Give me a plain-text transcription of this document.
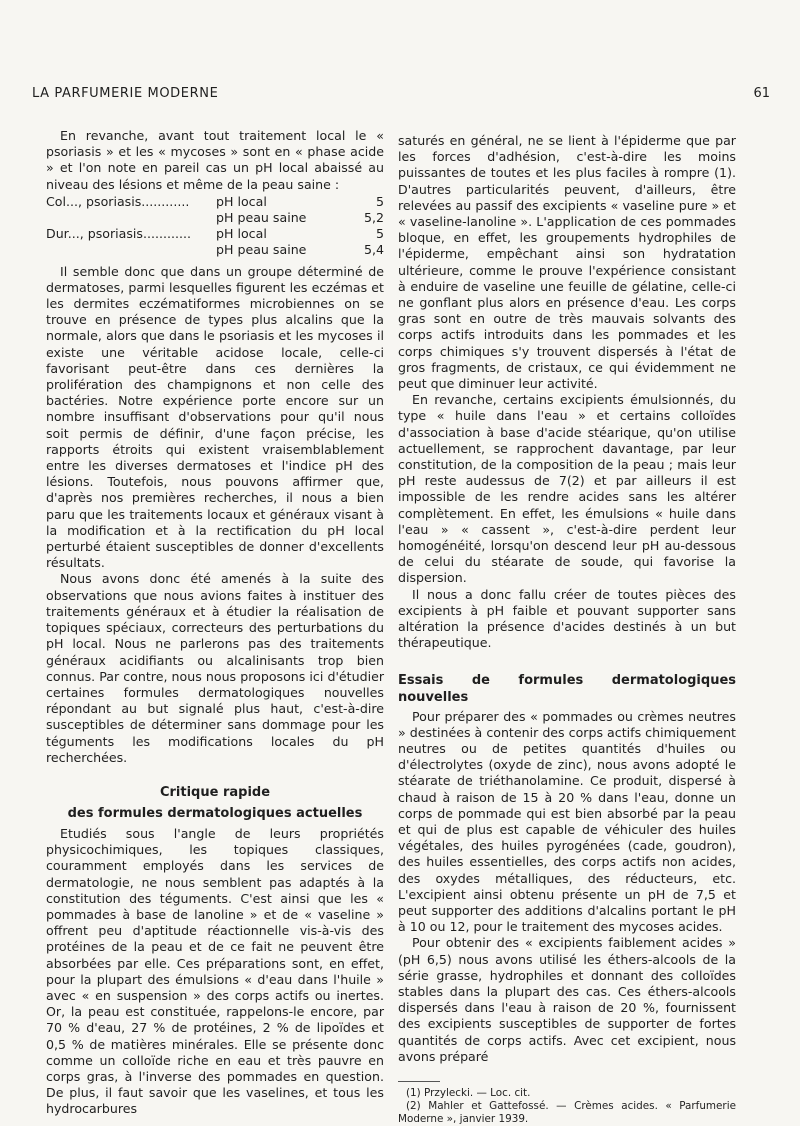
LA PARFUMERIE MODERNE	61

En revanche, avant tout traitement local le « psoriasis » et les « mycoses » sont en « phase acide » et l'on note en pareil cas un pH local abaissé au niveau des lésions et même de la peau saine :

Col..., psoriasis............	pH local	5
	pH peau saine	5,2
Dur..., psoriasis............	pH local	5
	pH peau saine	5,4

Il semble donc que dans un groupe déterminé de dermatoses, parmi lesquelles figurent les eczémas et les dermites eczématiformes microbiennes on se trouve en présence de types plus alcalins que la normale, alors que dans le psoriasis et les mycoses il existe une véritable acidose locale, celle-ci favorisant peut-être dans ces dernières la prolifération des champignons et non celle des bactéries. Notre expérience porte encore sur un nombre insuffisant d'observations pour qu'il nous soit permis de définir, d'une façon précise, les rapports étroits qui existent vraisemblablement entre les diverses dermatoses et l'indice pH des lésions. Toutefois, nous pouvons affirmer que, d'après nos premières recherches, il nous a bien paru que les traitements locaux et généraux visant à la modification et à la rectification du pH local perturbé étaient susceptibles de donner d'excellents résultats.

Nous avons donc été amenés à la suite des observations que nous avions faites à instituer des traitements généraux et à étudier la réalisation de topiques spéciaux, correcteurs des perturbations du pH local. Nous ne parlerons pas des traitements généraux acidifiants ou alcalinisants trop bien connus. Par contre, nous nous proposons ici d'étudier certaines formules dermatologiques nouvelles répondant au but signalé plus haut, c'est-à-dire susceptibles de déterminer sans dommage pour les téguments les modifications locales du pH recherchées.

Critique rapide
des formules dermatologiques actuelles

Etudiés sous l'angle de leurs propriétés physicochimiques, les topiques classiques, couramment employés dans les services de dermatologie, ne nous semblent pas adaptés à la constitution des téguments. C'est ainsi que les « pommades à base de lanoline » et de « vaseline » offrent peu d'aptitude réactionnelle vis-à-vis des protéines de la peau et de ce fait ne peuvent être absorbées par elle. Ces préparations sont, en effet, pour la plupart des émulsions « d'eau dans l'huile » avec « en suspension » des corps actifs ou inertes. Or, la peau est constituée, rappelons-le encore, par 70 % d'eau, 27 % de protéines, 2 % de lipoïdes et 0,5 % de matières minérales. Elle se présente donc comme un colloïde riche en eau et très pauvre en corps gras, à l'inverse des pommades en question. De plus, il faut savoir que les vaselines, et tous les hydrocarbures

saturés en général, ne se lient à l'épiderme que par les forces d'adhésion, c'est-à-dire les moins puissantes de toutes et les plus faciles à rompre (1). D'autres particularités peuvent, d'ailleurs, être relevées au passif des excipients « vaseline pure » et « vaseline-lanoline ». L'application de ces pommades bloque, en effet, les groupements hydrophiles de l'épiderme, empêchant ainsi son hydratation ultérieure, comme le prouve l'expérience consistant à enduire de vaseline une feuille de gélatine, celle-ci ne gonflant plus alors en présence d'eau. Les corps gras sont en outre de très mauvais solvants des corps actifs introduits dans les pommades et les corps chimiques s'y trouvent dispersés à l'état de gros fragments, de cristaux, ce qui évidemment ne peut que diminuer leur activité.

En revanche, certains excipients émulsionnés, du type « huile dans l'eau » et certains colloïdes d'association à base d'acide stéarique, qu'on utilise actuellement, se rapprochent davantage, par leur constitution, de la composition de la peau ; mais leur pH reste audessus de 7(2) et par ailleurs il est impossible de les rendre acides sans les altérer complètement. En effet, les émulsions « huile dans l'eau » « cassent », c'est-à-dire perdent leur homogénéité, lorsqu'on descend leur pH au-dessous de celui du stéarate de soude, qui favorise la dispersion.

Il nous a donc fallu créer de toutes pièces des excipients à pH faible et pouvant supporter sans altération la présence d'acides destinés à un but thérapeutique.

Essais de formules dermatologiques nouvelles

Pour préparer des « pommades ou crèmes neutres » destinées à contenir des corps actifs chimiquement neutres ou de petites quantités d'huiles ou d'électrolytes (oxyde de zinc), nous avons adopté le stéarate de triéthanolamine. Ce produit, dispersé à chaud à raison de 15 à 20 % dans l'eau, donne un corps de pommade qui est bien absorbé par la peau et qui de plus est capable de véhiculer des huiles végétales, des huiles pyrogénées (cade, goudron), des huiles essentielles, des corps actifs non acides, des oxydes métalliques, des réducteurs, etc. L'excipient ainsi obtenu présente un pH de 7,5 et peut supporter des additions d'alcalins portant le pH à 10 ou 12, pour le traitement des mycoses acides.

Pour obtenir des « excipients faiblement acides » (pH 6,5) nous avons utilisé les éthers-alcools de la série grasse, hydrophiles et donnant des colloïdes stables dans la plupart des cas. Ces éthers-alcools dispersés dans l'eau à raison de 20 %, fournissent des excipients susceptibles de supporter de fortes quantités de corps actifs. Avec cet excipient, nous avons préparé

(1) Przylecki. — Loc. cit.

(2) Mahler et Gattefossé. — Crèmes acides. « Parfumerie Moderne », janvier 1939.
